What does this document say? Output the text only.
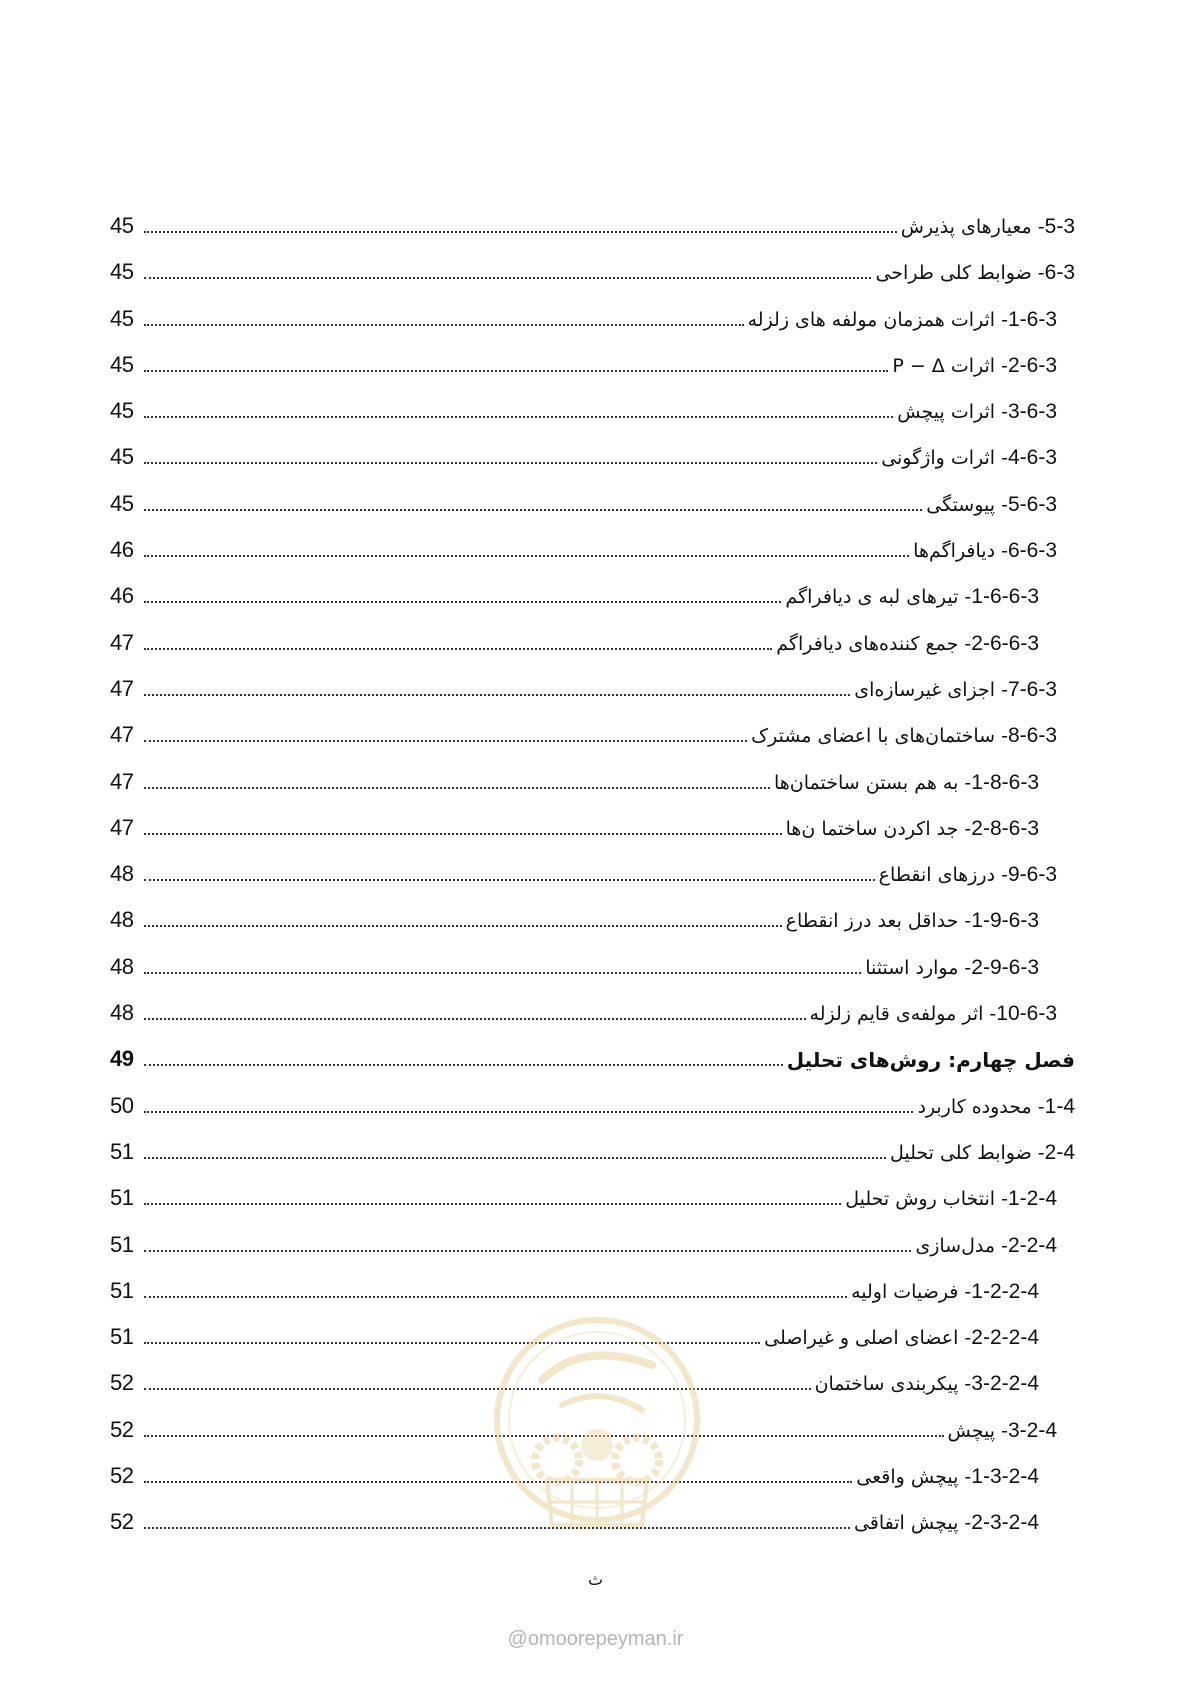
45	5-3- معیارهای پذیرش
45	6-3- ضوابط کلی طراحی
45	1-6-3- اثرات همزمان مولفه های زلزله
45	2-6-3- اثرات P − Δ
45	3-6-3- اثرات پیچش
45	4-6-3- اثرات واژگونی
45	5-6-3- پیوستگی
46	6-6-3- دیافراگم‌ها
46	1-6-6-3- تیرهای لبه ی دیافراگم
47	2-6-6-3- جمع کننده‌های دیافراگم
47	7-6-3- اجزای غیرسازه‌ای
47	8-6-3- ساختمان‌های با اعضای مشترک
47	1-8-6-3- به هم بستن ساختمان‌ها
47	2-8-6-3- جد اکردن ساختما ن‌ها
48	9-6-3- درزهای انقطاع
48	1-9-6-3- حداقل بعد درز انقطاع
48	2-9-6-3- موارد استثنا
48	10-6-3- اثر مولفه‌ی قایم زلزله
49	فصل چهارم: روش‌های تحلیل
50	1-4- محدوده کاربرد
51	2-4- ضوابط کلی تحلیل
51	1-2-4- انتخاب روش تحلیل
51	2-2-4- مدل‌سازی
51	1-2-2-4- فرضیات اولیه
51	2-2-2-4- اعضای اصلی و غیراصلی
52	3-2-2-4- پیکربندی ساختمان
52	3-2-4- پیچش
52	1-3-2-4- پیچش واقعی
52	2-3-2-4- پیچش اتفاقی
ث
@omoorepeyman.ir
